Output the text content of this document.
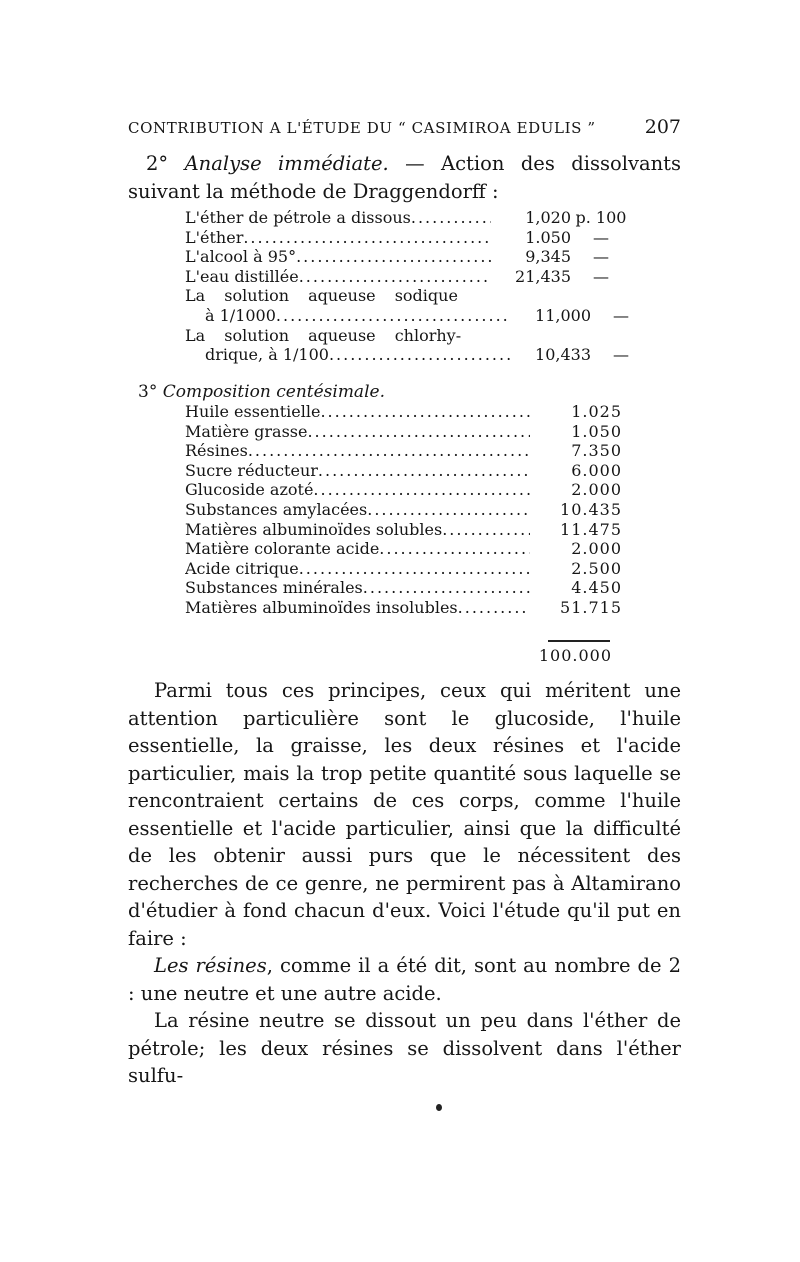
CONTRIBUTION A L'ÉTUDE DU “ CASIMIROA EDULIS ”	207
2° Analyse immédiate. — Action des dissolvants suivant la méthode de Draggendorff :
L'éther de pétrole a dissous .....	1,020 p. 100
L'éther .....	1.050	—
L'alcool à 95° .....	9,345	—
L'eau distillée .....	21,435	—
La solution aqueuse sodique
à 1/1000 .....	11,000	—
La solution aqueuse chlorhy-
drique, à 1/100 .....	10,433	—
3° Composition centésimale.
Huile essentielle .....	1.025
Matière grasse .....	1.050
Résines .....	7.350
Sucre réducteur .....	6.000
Glucoside azoté .....	2.000
Substances amylacées .....	10.435
Matières albuminoïdes solubles .....	11.475
Matière colorante acide .....	2.000
Acide citrique .....	2.500
Substances minérales .....	4.450
Matières albuminoïdes insolubles .....	51.715
100.000

Parmi tous ces principes, ceux qui méritent une attention particulière sont le glucoside, l'huile essentielle, la graisse, les deux résines et l'acide particulier, mais la trop petite quantité sous laquelle se rencontraient certains de ces corps, comme l'huile essentielle et l'acide particulier, ainsi que la difficulté de les obtenir aussi purs que le nécessitent des recherches de ce genre, ne permirent pas à Altamirano d'étudier à fond chacun d'eux. Voici l'étude qu'il put en faire :

Les résines, comme il a été dit, sont au nombre de 2 : une neutre et une autre acide.

La résine neutre se dissout un peu dans l'éther de pétrole; les deux résines se dissolvent dans l'éther sulfu-
